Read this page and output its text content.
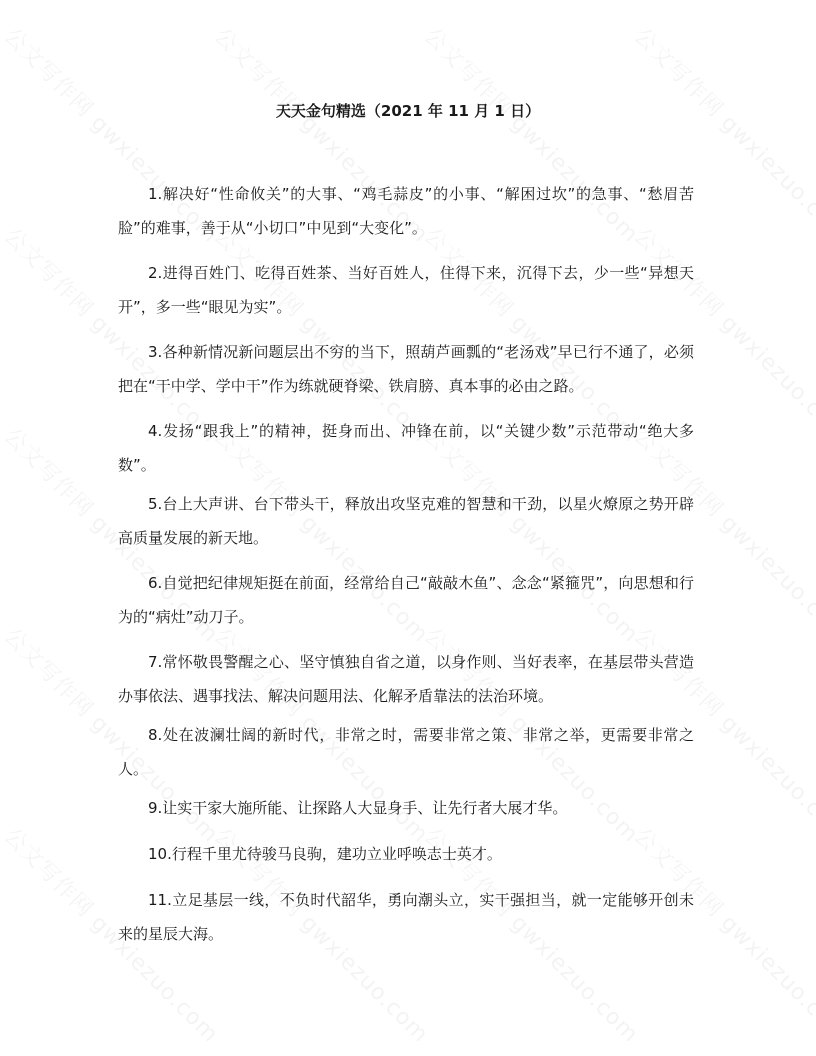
天天金句精选（2021 年 11 月 1 日）

1.解决好“性命攸关”的大事、“鸡毛蒜皮”的小事、“解困过坎”的急事、“愁眉苦脸”的难事，善于从“小切口”中见到“大变化”。

2.进得百姓门、吃得百姓茶、当好百姓人，住得下来，沉得下去，少一些“异想天开”，多一些“眼见为实”。

3.各种新情况新问题层出不穷的当下，照葫芦画瓢的“老汤戏”早已行不通了，必须把在“干中学、学中干”作为练就硬脊梁、铁肩膀、真本事的必由之路。

4.发扬“跟我上”的精神，挺身而出、冲锋在前，以“关键少数”示范带动“绝大多数”。

5.台上大声讲、台下带头干，释放出攻坚克难的智慧和干劲，以星火燎原之势开辟高质量发展的新天地。

6.自觉把纪律规矩挺在前面，经常给自己“敲敲木鱼”、念念“紧箍咒”，向思想和行为的“病灶”动刀子。

7.常怀敬畏警醒之心、坚守慎独自省之道，以身作则、当好表率，在基层带头营造办事依法、遇事找法、解决问题用法、化解矛盾靠法的法治环境。

8.处在波澜壮阔的新时代，非常之时，需要非常之策、非常之举，更需要非常之人。

9.让实干家大施所能、让探路人大显身手、让先行者大展才华。

10.行程千里尤待骏马良驹，建功立业呼唤志士英才。

11.立足基层一线，不负时代韶华，勇向潮头立，实干强担当，就一定能够开创未来的星辰大海。
